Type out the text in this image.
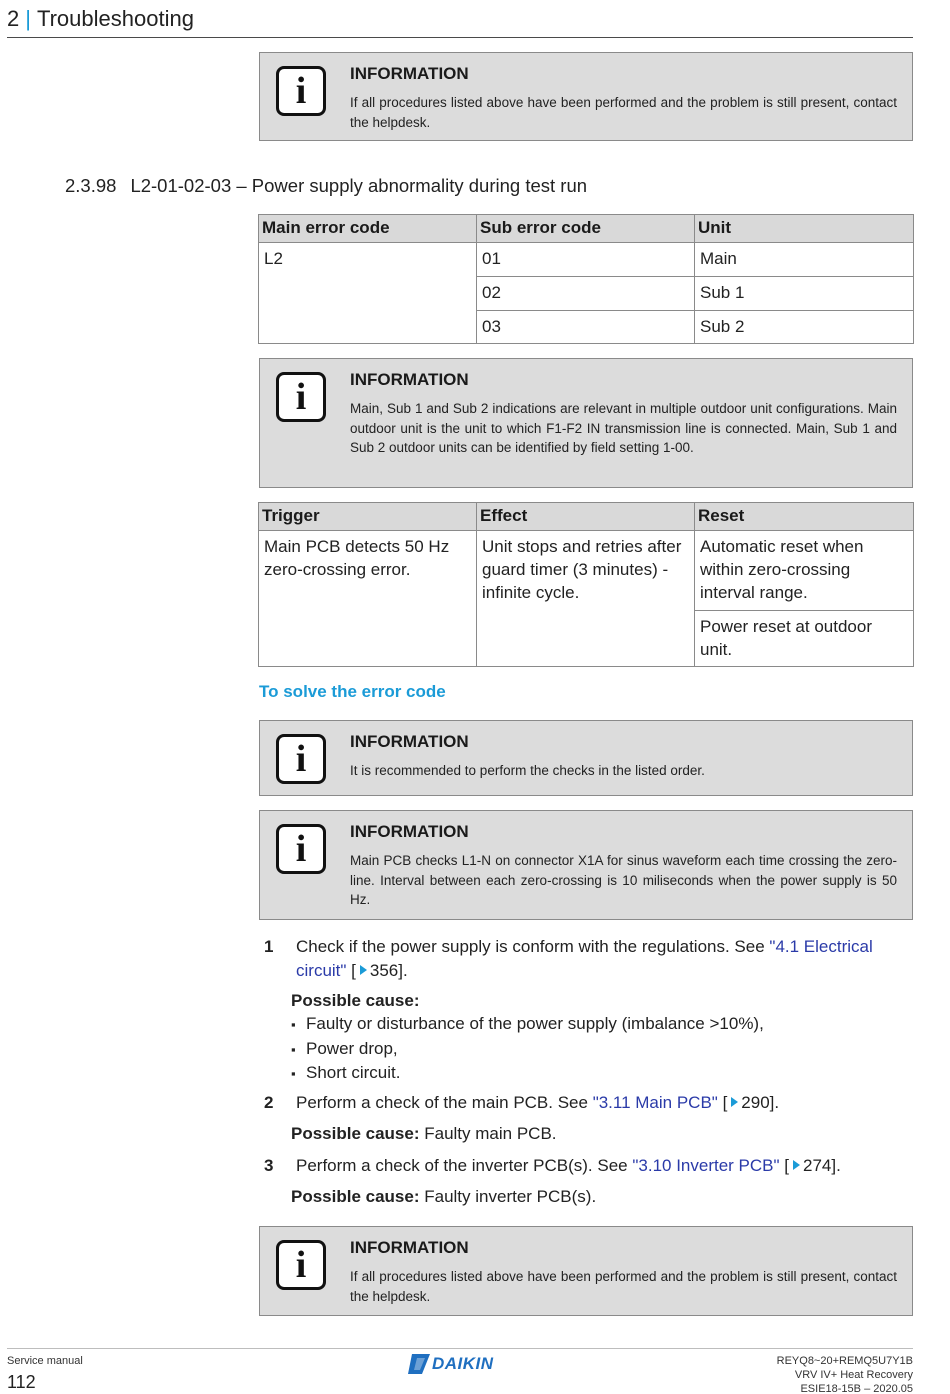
2 | Troubleshooting
i	INFORMATION
If all procedures listed above have been performed and the problem is still present, contact the helpdesk.
2.3.98 L2-01-02-03 – Power supply abnormality during test run
Main error code	Sub error code	Unit
L2	01	Main
	02	Sub 1
	03	Sub 2
i	INFORMATION
Main, Sub 1 and Sub 2 indications are relevant in multiple outdoor unit configurations. Main outdoor unit is the unit to which F1-F2 IN transmission line is connected. Main, Sub 1 and Sub 2 outdoor units can be identified by field setting 1-00.
Trigger	Effect	Reset
Main PCB detects 50 Hz zero-crossing error.	Unit stops and retries after guard timer (3 minutes) - infinite cycle.	Automatic reset when within zero-crossing interval range.
		Power reset at outdoor unit.
To solve the error code
i	INFORMATION
It is recommended to perform the checks in the listed order.
i	INFORMATION
Main PCB checks L1-N on connector X1A for sinus waveform each time crossing the zero-line. Interval between each zero-crossing is 10 miliseconds when the power supply is 50 Hz.
1 Check if the power supply is conform with the regulations. See "4.1 Electrical circuit" [ 356].
Possible cause:
▪ Faulty or disturbance of the power supply (imbalance >10%),
▪ Power drop,
▪ Short circuit.
2 Perform a check of the main PCB. See "3.11 Main PCB" [ 290].
Possible cause: Faulty main PCB.
3 Perform a check of the inverter PCB(s). See "3.10 Inverter PCB" [ 274].
Possible cause: Faulty inverter PCB(s).
i	INFORMATION
If all procedures listed above have been performed and the problem is still present, contact the helpdesk.
Service manual
112
DAIKIN	REYQ8~20+REMQ5U7Y1B
VRV IV+ Heat Recovery
ESIE18-15B – 2020.05
